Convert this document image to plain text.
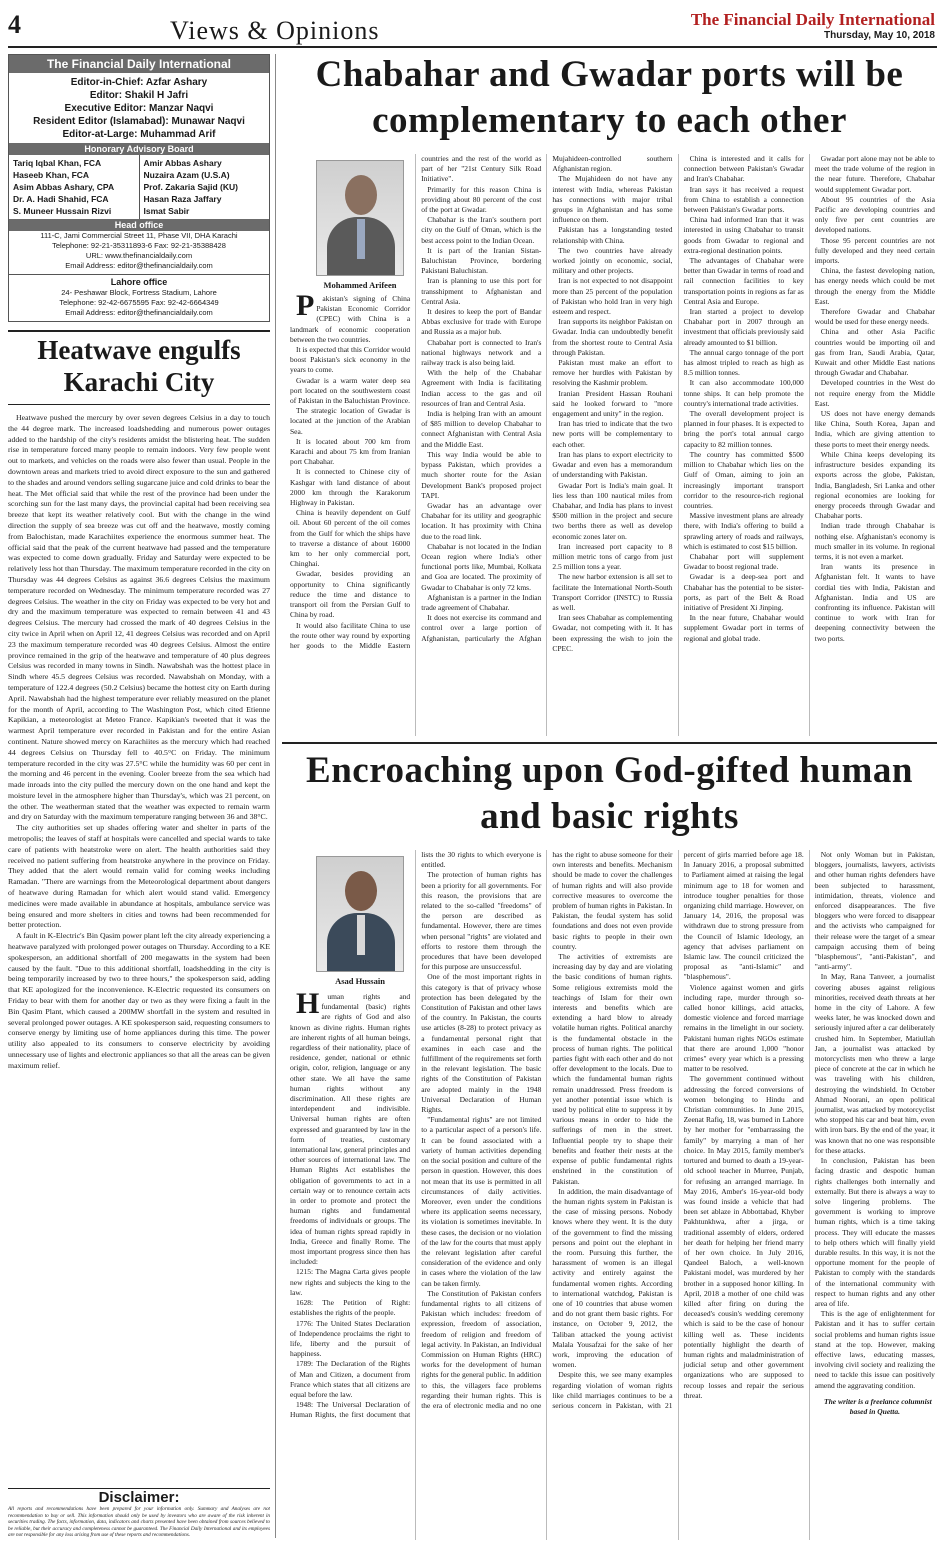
4	Views & Opinions	The Financial Daily International
Thursday, May 10, 2018
The Financial Daily International
Editor-in-Chief: Azfar Ashary
Editor: Shakil H Jafri
Executive Editor: Manzar Naqvi
Resident Editor (Islamabad): Munawar Naqvi
Editor-at-Large: Muhammad Arif
Honorary Advisory Board
Tariq Iqbal Khan, FCA
Haseeb Khan, FCA
Asim Abbas Ashary, CPA
Dr. A. Hadi Shahid, FCA
S. Muneer Hussain Rizvi
Amir Abbas Ashary
Nuzaira Azam (U.S.A)
Prof. Zakaria Sajid (KU)
Hasan Raza Jaffary
Ismat Sabir
Head office
111-C, Jami Commercial Street 11, Phase VII, DHA Karachi
Telephone: 92-21-35311893-6 Fax: 92-21-35388428
URL: www.thefinancialdaily.com
Email Address: editor@thefinancialdaily.com
Lahore office
24- Peshawar Block, Fortress Stadium, Lahore
Telephone: 92-42-6675595 Fax: 92-42-6664349
Email Address: editor@thefinancialdaily.com
Heatwave engulfs Karachi City

Heatwave pushed the mercury by over seven degrees Celsius in a day to touch the 44 degree mark. The increased loadshedding and numerous power outages added to the hardship of the city's residents amidst the blistering heat. The sudden rise in temperature forced many people to remain indoors. Very few people went out to markets, and vehicles on the roads were also fewer than usual. People in the downtown areas and markets tried to avoid direct exposure to the sun and gathered to the shades and around vendors selling sugarcane juice and cold drinks to bear the heat. The Met official said that while the rest of the province had been under the scorching sun for the last many days, the provincial capital had been receiving sea breeze that kept its weather relatively cool. But with the change in the wind direction the supply of sea breeze was cut off and the heatwave, mostly coming from Balochistan, made Karachiites experience the enormous summer heat. The official said that the peak of the current heatwave had passed and the temperature was expected to come down gradually. Friday and Saturday were expected to be relatively less hot than Thursday. The maximum temperature recorded in the city on Thursday was 44 degrees Celsius as against 36.6 degrees Celsius the maximum temperature recorded on Wednesday. The minimum temperature recorded was 27 degrees Celsius. The weather in the city on Friday was expected to be very hot and dry and the maximum temperature was expected to remain between 41 and 43 degrees Celsius. The mercury had crossed the mark of 40 degrees Celsius in the city twice in April when on April 12, 41 degrees Celsius was recorded and on April 23 the maximum temperature recorded was 40 degrees Celsius. Almost the entire province remained in the grip of the heatwave and temperature of 40 plus degrees Celsius was recorded in many towns in Sindh. Nawabshah was the hottest place in Sindh where 45.5 degrees Celsius was recorded. Nawabshah on Monday, with a temperature of 122.4 degrees (50.2 Celsius) became the hottest city on Earth during April. Nawabshah had the highest temperature ever reliably measured on the planet for the month of April, according to The Washington Post, which cited Etienne Kapikian, a meteorologist at Meteo France. Kapikian's tweeted that it was the warmest April temperature ever recorded in Pakistan and for the entire Asian continent. Nature showed mercy on Karachiites as the mercury which had reached 44 degrees Celsius on Thursday fell to 40.5°C on Friday. The minimum temperature recorded in the city was 27.5°C while the humidity was 60 per cent in the morning and 46 percent in the evening. Cooler breeze from the sea which had made inroads into the city pulled the mercury down on the one hand and kept the moisture level in the atmosphere higher than Thursday's, which was 21 percent, on the other. The weatherman stated that the weather was expected to remain warm and dry on Saturday with the maximum temperature ranging between 36 and 38°C.

The city authorities set up shades offering water and shelter in parts of the metropolis; the leaves of staff at hospitals were cancelled and special wards to take care of patients with heatstroke were on alert. The health authorities said they received no patient suffering from heatstroke anywhere in the province on Friday. They added that the alert would remain valid for coming weeks including Ramadan. "There are warnings from the Meteorological department about dangers of heatwave during Ramadan for which alert would stand valid. Emergency medicines were made available in abundance at hospitals, ambulance service was being ensured and more shelters in cities and towns had been recommended for better protection.

A fault in K-Electric's Bin Qasim power plant left the city already experiencing a heatwave paralyzed with prolonged power outages on Thursday. According to a KE spokesperson, an additional shortfall of 200 megawatts in the system had been caused by the fault. "Due to this additional shortfall, loadshedding in the city is being temporarily increased by two to three hours," the spokesperson said, adding that KE apologized for the inconvenience. K-Electric requested its consumers on Friday to bear with them for another day or two as they were fixing a fault in the Bin Qasim Plant, which caused a 200MW shortfall in the system and resulted in several prolonged power outages. A KE spokesperson said, requesting consumers to conserve energy by limiting use of home appliances during this time. The power utility also appealed to its consumers to conserve electricity by avoiding unnecessary use of lights and electronic appliances so that all the areas can be given maximum relief.

Disclaimer:

All reports and recommendations have been prepared for your information only. Summary and Analyses are not recommendation to buy or sell. This information should only be used by investors who are aware of the risk inherent in securities trading. The facts, information, data, indicators and charts presented have been obtained from sources believed to be reliable, but their accuracy and completeness cannot be guaranteed. The Financial Daily International and its employees are not responsible for any loss arising from use of these reports and recommendations.

Chabahar and Gwadar ports will be complementary to each other
Mohammed Arifeen

Pakistan's signing of China Pakistan Economic Corridor (CPEC) with China is a landmark of economic cooperation between the two countries.

It is expected that this Corridor would boost Pakistan's sick economy in the years to come.

Gwadar is a warm water deep sea port located on the southwestern coast of Pakistan in the Baluchistan Province.

The strategic location of Gwadar is located at the junction of the Arabian Sea.

It is located about 700 km from Karachi and about 75 km from Iranian port Chabahar.

It is connected to Chinese city of Kashgar with land distance of about 2000 km through the Karakorum Highway in Pakistan.

China is heavily dependent on Gulf oil. About 60 percent of the oil comes from the Gulf for which the ships have to traverse a distance of about 16000 km to her only commercial port, Chinghai.

Gwadar, besides providing an opportunity to China significantly reduce the time and distance to transport oil from the Persian Gulf to China by road.

It would also facilitate China to use the route other way round by exporting her goods to the Middle Eastern countries and the rest of the world as part of her "21st Century Silk Road Initiative".

Primarily for this reason China is providing about 80 percent of the cost of the port at Gwadar.

Chabahar is the Iran's southern port city on the Gulf of Oman, which is the best access point to the Indian Ocean.

It is part of the Iranian Sistan-Baluchistan Province, bordering Pakistani Baluchistan.

Iran is planning to use this port for transshipment to Afghanistan and Central Asia.

It desires to keep the port of Bandar Abbas exclusive for trade with Europe and Russia as a major hub.

Chabahar port is connected to Iran's national highways network and a railway track is also being laid.

With the help of the Chabahar Agreement with India is facilitating Indian access to the gas and oil resources of Iran and Central Asia.

India is helping Iran with an amount of $85 million to develop Chabahar to connect Afghanistan with Central Asia and the Middle East.

This way India would be able to bypass Pakistan, which provides a much shorter route for the Asian Development Bank's proposed project TAPI.

Gwadar has an advantage over Chabahar for its utility and geographic location. It has proximity with China due to the road link.

Chabahar is not located in the Indian Ocean region where India's other functional ports like, Mumbai, Kolkata and Goa are located. The proximity of Gwadar to Chabahar is only 72 kms.

Afghanistan is a partner in the Indian trade agreement of Chabahar.

It does not exercise its command and control over a large portion of Afghanistan, particularly the Afghan Mujahideen-controlled southern Afghanistan region.

The Mujahideen do not have any interest with India, whereas Pakistan has connections with major tribal groups in Afghanistan and has some influence on them.

Pakistan has a longstanding tested relationship with China.

The two countries have already worked jointly on economic, social, military and other projects.

Iran is not expected to not disappoint more than 25 percent of the population of Pakistan who hold Iran in very high esteem and respect.

Iran supports its neighbor Pakistan on Gwadar. India can undoubtedly benefit from the shortest route to Central Asia through Pakistan.

Pakistan must make an effort to remove her hurdles with Pakistan by resolving the Kashmir problem.

Iranian President Hassan Rouhani said he looked forward to "more engagement and unity" in the region.

Iran has tried to indicate that the two new ports will be complementary to each other.

Iran has plans to export electricity to Gwadar and even has a memorandum of understanding with Pakistan.

Gwadar Port is India's main goal. It lies less than 100 nautical miles from Chabahar, and India has plans to invest $500 million in the project and secure two berths there as well as develop economic zones later on.

Iran increased port capacity to 8 million metric tons of cargo from just 2.5 million tons a year.

The new harbor extension is all set to facilitate the International North-South Transport Corridor (INSTC) to Russia as well.

Iran sees Chabahar as complementing Gwadar, not competing with it. It has been expressing the wish to join the CPEC.

China is interested and it calls for connection between Pakistan's Gwadar and Iran's Chabahar.

Iran says it has received a request from China to establish a connection between Pakistan's Gwadar ports.

China had informed Iran that it was interested in using Chabahar to transit goods from Gwadar to regional and extra-regional destination points.

The advantages of Chabahar were better than Gwadar in terms of road and rail connection facilities to key transportation points in regions as far as Central Asia and Europe.

Iran started a project to develop Chabahar port in 2007 through an investment that officials previously said already amounted to $1 billion.

The annual cargo tonnage of the port has almost tripled to reach as high as 8.5 million tonnes.

It can also accommodate 100,000 tonne ships. It can help promote the country's international trade activities.

The overall development project is planned in four phases. It is expected to bring the port's total annual cargo capacity to 82 million tonnes.

The country has committed $500 million to Chabahar which lies on the Gulf of Oman, aiming to join an increasingly important transport corridor to the resource-rich regional countries.

Massive investment plans are already there, with India's offering to build a sprawling artery of roads and railways, which is estimated to cost $15 billion.

Chabahar port will supplement Gwadar to boost regional trade.

Gwadar is a deep-sea port and Chabahar has the potential to be sister-ports, as part of the Belt & Road initiative of President Xi Jinping.

In the near future, Chabahar would supplement Gwadar port in terms of regional and global trade.

Gwadar port alone may not be able to meet the trade volume of the region in the near future. Therefore, Chabahar would supplement Gwadar port.

About 95 countries of the Asia Pacific are developing countries and only five per cent countries are developed nations.

Those 95 percent countries are not fully developed and they need certain imports.

China, the fastest developing nation, has energy needs which could be met through the energy from the Middle East.

Therefore Gwadar and Chabahar would be used for these energy needs.

China and other Asia Pacific countries would be importing oil and gas from Iran, Saudi Arabia, Qatar, Kuwait and other Middle East nations through Gwadar and Chabahar.

Developed countries in the West do not require energy from the Middle East.

US does not have energy demands like China, South Korea, Japan and India, which are giving attention to these ports to meet their energy needs.

While China keeps developing its infrastructure besides expanding its exports across the globe, Pakistan, India, Bangladesh, Sri Lanka and other regional economies are looking for energy proceeds through Gwadar and Chabahar ports.

Indian trade through Chabahar is nothing else. Afghanistan's economy is much smaller in its volume. In regional terms, it is not even a market.

Iran wants its presence in Afghanistan felt. It wants to have cordial ties with India, Pakistan and Afghanistan. India and US are confronting its influence. Pakistan will continue to work with Iran for deepening connectivity between the two ports.

Encroaching upon God-gifted human and basic rights
Asad Hussain

Human rights and fundamental (basic) rights are rights of God and also known as divine rights. Human rights are inherent rights of all human beings, regardless of their nationality, place of residence, gender, national or ethnic origin, color, religion, language or any other state. We all have the same human rights without any discrimination. All these rights are interdependent and indivisible. Universal human rights are often expressed and guaranteed by law in the form of treaties, customary international law, general principles and other sources of international law. The Human Rights Act establishes the obligation of governments to act in a certain way or to renounce certain acts in order to promote and protect the human rights and fundamental freedoms of individuals or groups. The idea of human rights spread rapidly in India, Greece and finally Rome. The most important progress since then has included:

1215: The Magna Carta gives people new rights and subjects the king to the law.

1628: The Petition of Right: establishes the rights of the people.

1776: The United States Declaration of Independence proclaims the right to life, liberty and the pursuit of happiness.

1789: The Declaration of the Rights of Man and Citizen, a document from France which states that all citizens are equal before the law.

1948: The Universal Declaration of Human Rights, the first document that lists the 30 rights to which everyone is entitled.

The protection of human rights has been a priority for all governments. For this reason, the provisions that are related to the so-called "freedoms" of the person are described as fundamental. However, there are times when personal "rights" are violated and efforts to restore them through the procedures that have been developed for this purpose are unsuccessful.

One of the most important rights in this category is that of privacy whose protection has been delegated by the Constitution of Pakistan and other laws of the country. In Pakistan, the courts use articles (8-28) to protect privacy as a fundamental personal right that examines in each case and the fulfillment of the requirements set forth in the relevant legislation. The basic rights of the Constitution of Pakistan are adopted mainly in the 1948 Universal Declaration of Human Rights.

"Fundamental rights" are not limited to a particular aspect of a person's life. It can be found associated with a variety of human activities depending on the social position and culture of the person in question. However, this does not mean that its use is permitted in all circumstances of daily activities. Moreover, even under the conditions where its application seems necessary, its violation is sometimes inevitable. In these cases, the decision or no violation of the law for the courts that must apply the relevant legislation after careful consideration of the evidence and only in cases where the violation of the law can be taken firmly.

The Constitution of Pakistan confers fundamental rights to all citizens of Pakistan which includes: freedom of expression, freedom of association, freedom of religion and freedom of legal activity. In Pakistan, an Individual Commission on Human Rights (HRC) works for the development of human rights for the general public. In addition to this, the villagers face problems regarding their human rights. This is the era of electronic media and no one has the right to abuse someone for their own interests and benefits. Mechanism should be made to cover the challenges of human rights and will also provide corrective measures to overcome the problem of human rights in Pakistan. In Pakistan, the feudal system has solid foundations and does not even provide basic rights to people in their own country.

The activities of extremists are increasing day by day and are violating the basic conditions of human rights. Some religious extremists mold the teachings of Islam for their own interests and benefits which are extending a hard blow to already volatile human rights. Political anarchy is the fundamental obstacle in the process of human rights. The political parties fight with each other and do not offer development to the locals. Due to which the fundamental human rights remain unaddressed. Press freedom is yet another potential issue which is used by political elite to suppress it by various means in order to hide the sufferings of men in the street. Influential people try to shape their benefits and feather their nests at the expense of public fundamental rights enshrined in the constitution of Pakistan.

In addition, the main disadvantage of the human rights system in Pakistan is the case of missing persons. Nobody knows where they went. It is the duty of the government to find the missing persons and point out the elephant in the room. Pursuing this further, the harassment of women is an illegal activity and entirely against the fundamental women rights. According to international watchdog, Pakistan is one of 10 countries that abuse women and do not grant them basic rights. For instance, on October 9, 2012, the Taliban attacked the young activist Malala Yousafzai for the sake of her work, improving the education of women.

Despite this, we see many examples regarding violation of woman rights like child marriages continues to be a serious concern in Pakistan, with 21 percent of girls married before age 18. In January 2016, a proposal submitted to Parliament aimed at raising the legal minimum age to 18 for women and introduce tougher penalties for those organizing child marriage. However, on January 14, 2016, the proposal was withdrawn due to strong pressure from the Council of Islamic Ideology, an agency that advises parliament on Islamic law. The council criticized the proposal as "anti-Islamic" and "blasphemous".

Violence against women and girls including rape, murder through so-called honor killings, acid attacks, domestic violence and forced marriage remains in the limelight in our society. Pakistani human rights NGOs estimate that there are around 1,000 "honor crimes" every year which is a pressing matter to be resolved.

The government continued without addressing the forced conversions of women belonging to Hindu and Christian communities. In June 2015, Zeenat Rafiq, 18, was burned in Lahore by her mother for "embarrassing the family" by marrying a man of her choice. In May 2015, family member's tortured and burned to death a 19-year-old school teacher in Murree, Punjab, for refusing an arranged marriage. In May 2016, Amber's 16-year-old body was found inside a vehicle that had been set ablaze in Abbottabad, Khyber Pakhtunkhwa, after a jirga, or traditional assembly of elders, ordered her death for helping her friend marry of her own choice. In July 2016, Qandeel Baloch, a well-known Pakistani model, was murdered by her brother in a supposed honor killing. In April, 2018 a mother of one child was killed after firing on during the deceased's cousin's wedding ceremony which is said to be the case of honour killing well as. These incidents potentially highlight the dearth of human rights and maladministration of judicial setup and other government organizations who are supposed to recoup losses and repair the serious threat.

Not only Woman but in Pakistan, bloggers, journalists, lawyers, activists and other human rights defenders have been subjected to harassment, intimidation, threats, violence and enforced disappearances. The five bloggers who were forced to disappear and the activists who campaigned for their release were the target of a smear campaign accusing them of being "blasphemous", "anti-Pakistan", and "anti-army".

In May, Rana Tanveer, a journalist covering abuses against religious minorities, received death threats at her home in the city of Lahore. A few weeks later, he was knocked down and seriously injured after a car deliberately crushed him. In September, Matiullah Jan, a journalist was attacked by motorcyclists men who threw a large piece of concrete at the car in which he was traveling with his children, destroying the windshield. In October Ahmad Noorani, an open political journalist, was attacked by motorcyclist who stopped his car and beat him, even with iron bars. By the end of the year, it was known that no one was responsible for these attacks.

In conclusion, Pakistan has been facing drastic and despotic human rights challenges both internally and externally. But there is always a way to solve lingering problems. The government is working to improve human rights, which is a time taking process. They will educate the masses to help others which will finally yield durable results. In this way, it is not the opportune moment for the people of Pakistan to comply with the standards of the international community with respect to human rights and any other area of life.

This is the age of enlightenment for Pakistan and it has to suffer certain social problems and human rights issue stand at the top. However, making effective laws, educating masses, involving civil society and realizing the need to tackle this issue can positively amend the aggravating condition.

The writer is a freelance columnist based in Quetta.
